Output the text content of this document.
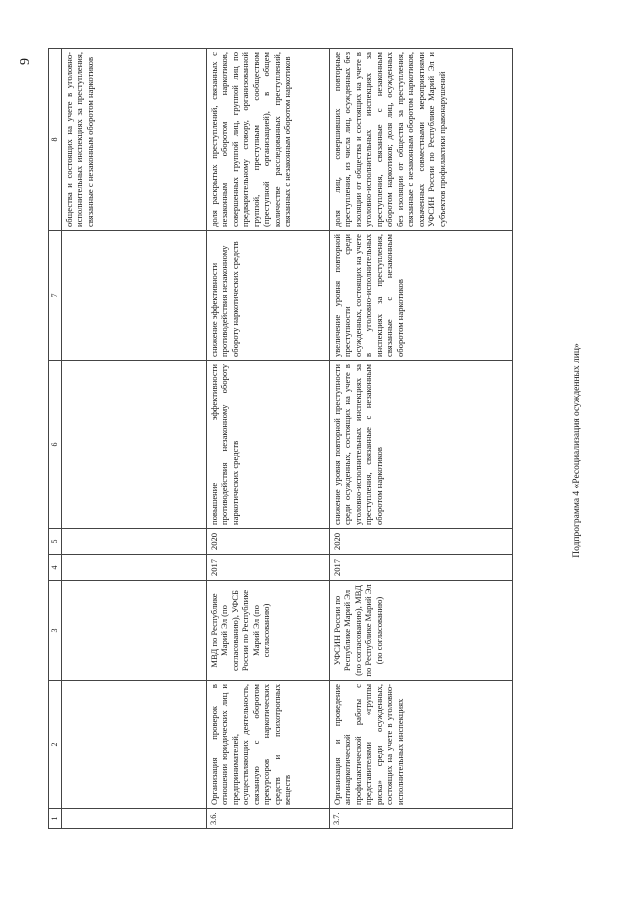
9
1	2	3	4	5	6	7	8
							общества и состоящих на учете в уголовно-исполнительных инспекциях за преступления, связанные с незаконным оборотом наркотиков
3.6.	Организация проверок в отношении юридических лиц и предпринимателей, осуществляющих деятельность, связанную с оборотом прекурсоров наркотических средств и психотропных веществ	МВД по Республике Марий Эл (по согласованию), УФСБ России по Республике Марий Эл (по согласованию)	2017	2020	повышение эффективности противодействия незаконному обороту наркотических средств	снижение эффективности противодействия незаконному обороту наркотических средств	доля раскрытых преступлений, связанных с незаконным оборотом наркотиков, совершенных группой лиц, группой лиц по предварительному сговору, организованной группой, преступным сообществом (преступной организацией), в общем количестве расследованных преступлений, связанных с незаконным оборотом наркотиков
3.7.	Организация и проведение антинаркотической профилактической работы с представителями «группы риска» среди осужденных, состоящих на учете в уголовно-исполнительных инспекциях	УФСИН России по Республике Марий Эл (по согласованию), МВД по Республике Марий Эл (по согласованию)	2017	2020	снижение уровня повторной преступности среди осужденных, состоящих на учете в уголовно-исполнительных инспекциях за преступления, связанные с незаконным оборотом наркотиков	увеличение уровня повторной преступности среди осужденных, состоящих на учете в уголовно-исполнительных инспекциях за преступления, связанные с незаконным оборотом наркотиков	доля лиц, совершивших повторные преступления, из числа лиц, осужденных без изоляции от общества и состоящих на учете в уголовно-исполнительных инспекциях за преступления, связанные с незаконным оборотом наркотиков; доля лиц, осужденных без изоляции от общества за преступления, связанные с незаконным оборотом наркотиков, охваченных совместными мероприятиями УФСИН России по Республике Марий Эл и субъектов профилактики правонарушений
Подпрограмма 4 «Ресоциализация осужденных лиц»
